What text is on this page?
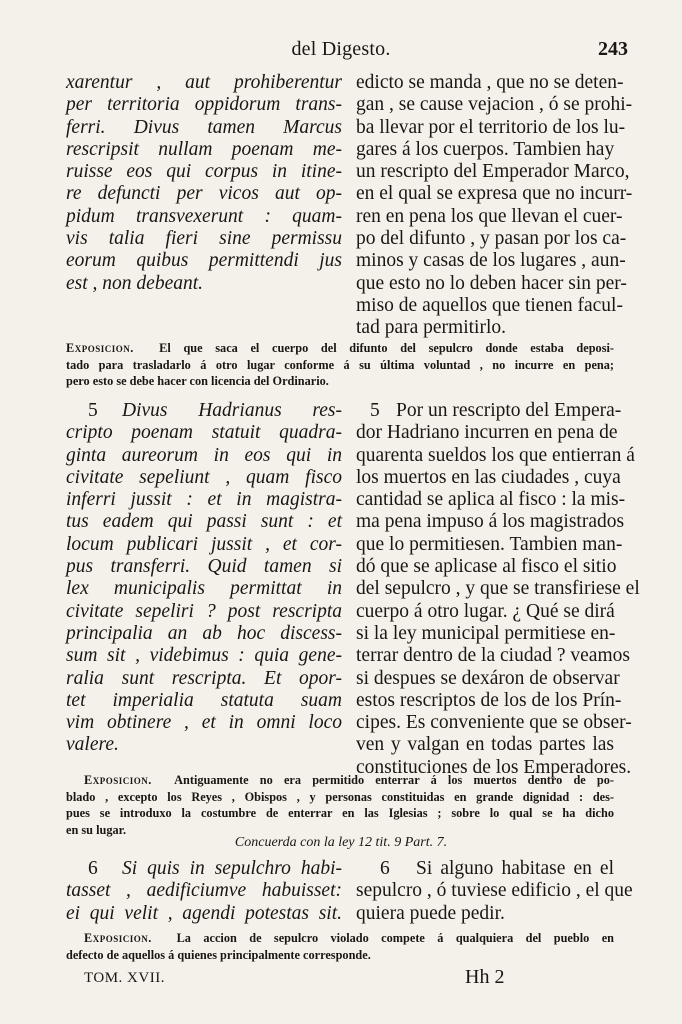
del Digesto.	243
xarentur , aut prohiberentur
per territoria oppidorum trans-
ferri. Divus tamen Marcus
rescripsit nullam poenam me-
ruisse eos qui corpus in itine-
re defuncti per vicos aut op-
pidum transvexerunt : quam-
vis talia fieri sine permissu
eorum quibus permittendi jus
est , non debeant.
edicto se manda , que no se deten-
gan , se cause vejacion , ó se prohi-
ba llevar por el territorio de los lu-
gares á los cuerpos. Tambien hay
un rescripto del Emperador Marco,
en el qual se expresa que no incurr-
ren en pena los que llevan el cuer-
po del difunto , y pasan por los ca-
minos y casas de los lugares , aun-
que esto no lo deben hacer sin per-
miso de aquellos que tienen facul-
tad para permitirlo.
Exposicion. El que saca el cuerpo del difunto del sepulcro donde estaba deposi-
tado para trasladarlo á otro lugar conforme á su última voluntad , no incurre en pena;
pero esto se debe hacer con licencia del Ordinario.
5	Divus Hadrianus res-
cripto poenam statuit quadra-
ginta aureorum in eos qui in
civitate sepeliunt , quam fisco
inferri jussit : et in magistra-
tus eadem qui passi sunt : et
locum publicari jussit , et cor-
pus transferri. Quid tamen si
lex municipalis permittat in
civitate sepeliri ? post rescripta
principalia an ab hoc discess-
sum sit , videbimus : quia gene-
ralia sunt rescripta. Et opor-
tet imperialia statuta suam
vim obtinere , et in omni loco
valere.
5 Por un rescripto del Empera-
dor Hadriano incurren en pena de
quarenta sueldos los que entierran á
los muertos en las ciudades , cuya
cantidad se aplica al fisco : la mis-
ma pena impuso á los magistrados
que lo permitiesen. Tambien man-
dó que se aplicase al fisco el sitio
del sepulcro , y que se transfiriese el
cuerpo á otro lugar. ¿ Qué se dirá
si la ley municipal permitiese en-
terrar dentro de la ciudad ? veamos
si despues se dexáron de observar
estos rescriptos de los de los Prín-
cipes. Es conveniente que se obser-
ven y valgan en todas partes las
constituciones de los Emperadores.
Exposicion. Antiguamente no era permitido enterrar á los muertos dentro de po-
blado , excepto los Reyes , Obispos , y personas constituidas en grande dignidad : des-
pues se introduxo la costumbre de enterrar en las Iglesias ; sobre lo qual se ha dicho
en su lugar.
Concuerda con la ley 12 tit. 9 Part. 7.
6	Si quis in sepulchro habi-
tasset , aedificiumve habuisset:
ei qui velit , agendi potestas sit.
6	Si alguno habitase en el
sepulcro , ó tuviese edificio , el que
quiera puede pedir.
Exposicion. La accion de sepulcro violado compete á qualquiera del pueblo en
defecto de aquellos á quienes principalmente corresponde.
TOM. XVII.	Hh 2
